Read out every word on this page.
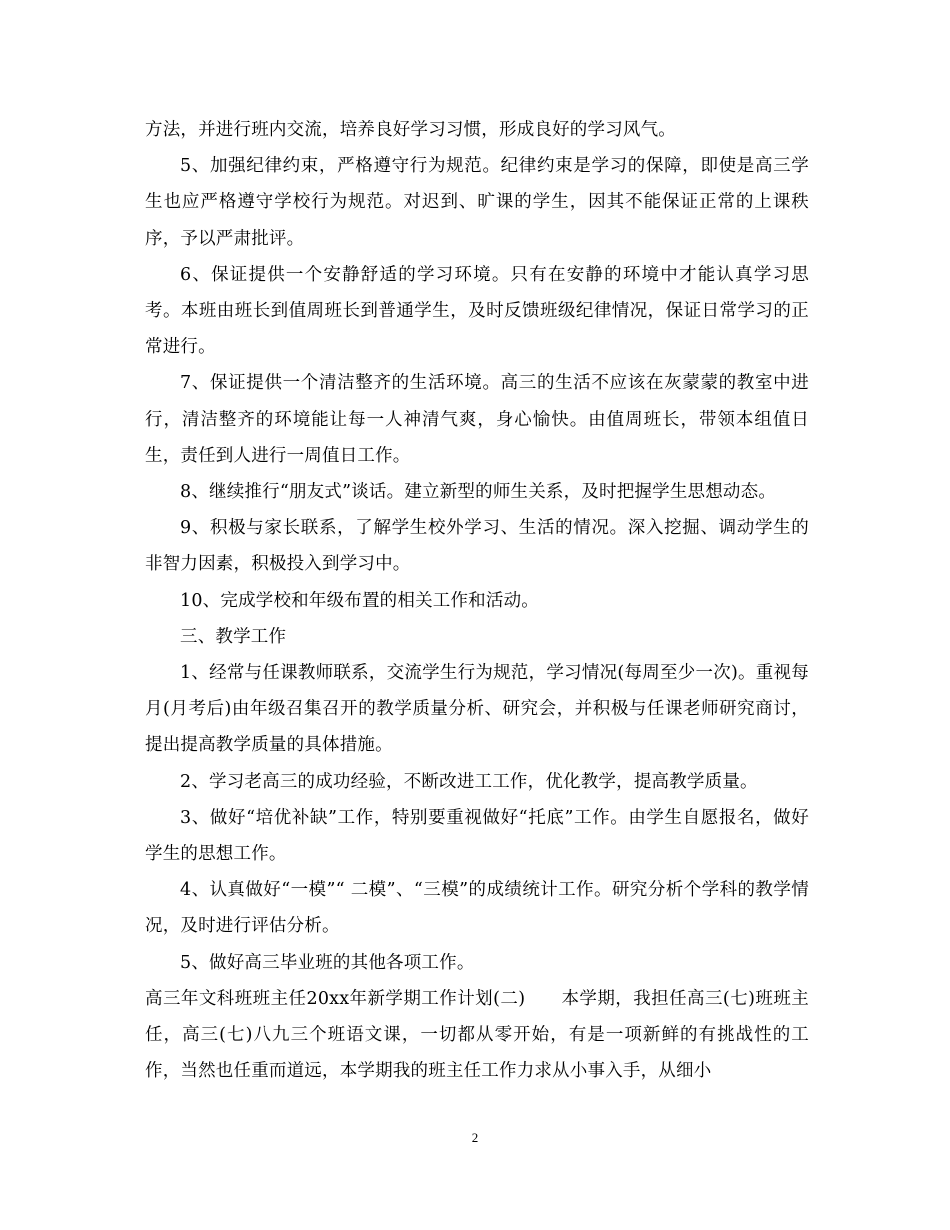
方法，并进行班内交流，培养良好学习习惯，形成良好的学习风气。

5、加强纪律约束，严格遵守行为规范。纪律约束是学习的保障，即使是高三学生也应严格遵守学校行为规范。对迟到、旷课的学生，因其不能保证正常的上课秩序，予以严肃批评。

6、保证提供一个安静舒适的学习环境。只有在安静的环境中才能认真学习思考。本班由班长到值周班长到普通学生，及时反馈班级纪律情况，保证日常学习的正常进行。

7、保证提供一个清洁整齐的生活环境。高三的生活不应该在灰蒙蒙的教室中进行，清洁整齐的环境能让每一人神清气爽，身心愉快。由值周班长，带领本组值日生，责任到人进行一周值日工作。

8、继续推行“朋友式”谈话。建立新型的师生关系，及时把握学生思想动态。

9、积极与家长联系，了解学生校外学习、生活的情况。深入挖掘、调动学生的非智力因素，积极投入到学习中。

10、完成学校和年级布置的相关工作和活动。

三、教学工作

1、经常与任课教师联系，交流学生行为规范，学习情况(每周至少一次)。重视每月(月考后)由年级召集召开的教学质量分析、研究会，并积极与任课老师研究商讨，提出提高教学质量的具体措施。

2、学习老高三的成功经验，不断改进工工作，优化教学，提高教学质量。

3、做好“培优补缺”工作，特别要重视做好“托底”工作。由学生自愿报名，做好学生的思想工作。

4、认真做好“一模”“ 二模”、“三模”的成绩统计工作。研究分析个学科的教学情况，及时进行评估分析。

5、做好高三毕业班的其他各项工作。

高三年文科班班主任20xx年新学期工作计划(二)　　本学期，我担任高三(七)班班主任，高三(七)八九三个班语文课，一切都从零开始，有是一项新鲜的有挑战性的工作，当然也任重而道远，本学期我的班主任工作力求从小事入手，从细小

2
